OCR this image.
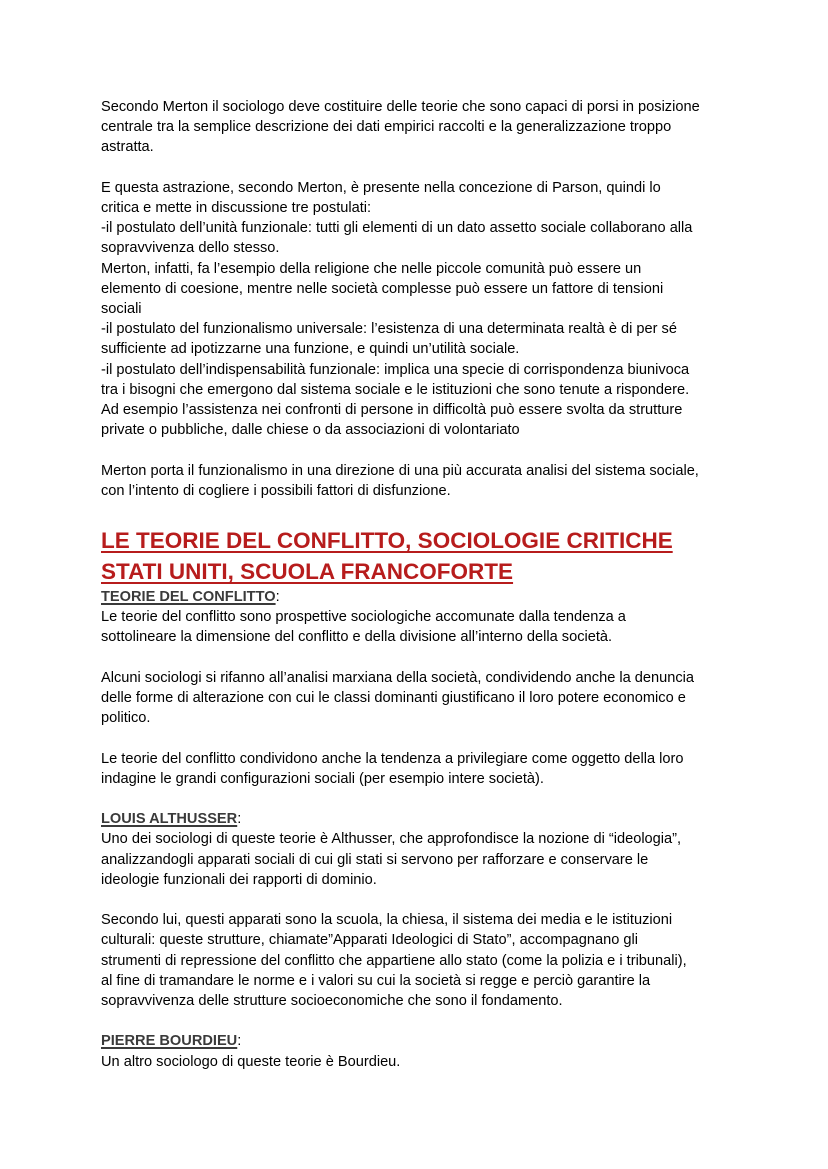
Secondo Merton il sociologo deve costituire delle teorie che sono capaci di porsi in posizione
centrale tra la semplice descrizione dei dati empirici raccolti e la generalizzazione troppo
astratta.

E questa astrazione, secondo Merton, è presente nella concezione di Parson, quindi lo
critica e mette in discussione tre postulati:
-il postulato dell’unità funzionale: tutti gli elementi di un dato assetto sociale collaborano alla
sopravvivenza dello stesso.
Merton, infatti, fa l’esempio della religione che nelle piccole comunità può essere un
elemento di coesione, mentre nelle società complesse può essere un fattore di tensioni
sociali
-il postulato del funzionalismo universale: l’esistenza di una determinata realtà è di per sé
sufficiente ad ipotizzarne una funzione, e quindi un’utilità sociale.
-il postulato dell’indispensabilità funzionale: implica una specie di corrispondenza biunivoca
tra i bisogni che emergono dal sistema sociale e le istituzioni che sono tenute a rispondere.
Ad esempio l’assistenza nei confronti di persone in difficoltà può essere svolta da strutture
private o pubbliche, dalle chiese o da associazioni di volontariato

Merton porta il funzionalismo in una direzione di una più accurata analisi del sistema sociale,
con l’intento di cogliere i possibili fattori di disfunzione.

LE TEORIE DEL CONFLITTO, SOCIOLOGIE CRITICHE
STATI UNITI, SCUOLA FRANCOFORTE

TEORIE DEL CONFLITTO:

Le teorie del conflitto sono prospettive sociologiche accomunate dalla tendenza a
sottolineare la dimensione del conflitto e della divisione all’interno della società.

Alcuni sociologi si rifanno all’analisi marxiana della società, condividendo anche la denuncia
delle forme di alterazione con cui le classi dominanti giustificano il loro potere economico e
politico.

Le teorie del conflitto condividono anche la tendenza a privilegiare come oggetto della loro
indagine le grandi configurazioni sociali (per esempio intere società).

LOUIS ALTHUSSER:

Uno dei sociologi di queste teorie è Althusser, che approfondisce la nozione di “ideologia”,
analizzandogli apparati sociali di cui gli stati si servono per rafforzare e conservare le
ideologie funzionali dei rapporti di dominio.

Secondo lui, questi apparati sono la scuola, la chiesa, il sistema dei media e le istituzioni
culturali: queste strutture, chiamate”Apparati Ideologici di Stato”, accompagnano gli
strumenti di repressione del conflitto che appartiene allo stato (come la polizia e i tribunali),
al fine di tramandare le norme e i valori su cui la società si regge e perciò garantire la
sopravvivenza delle strutture socioeconomiche che sono il fondamento.

PIERRE BOURDIEU:

Un altro sociologo di queste teorie è Bourdieu.
